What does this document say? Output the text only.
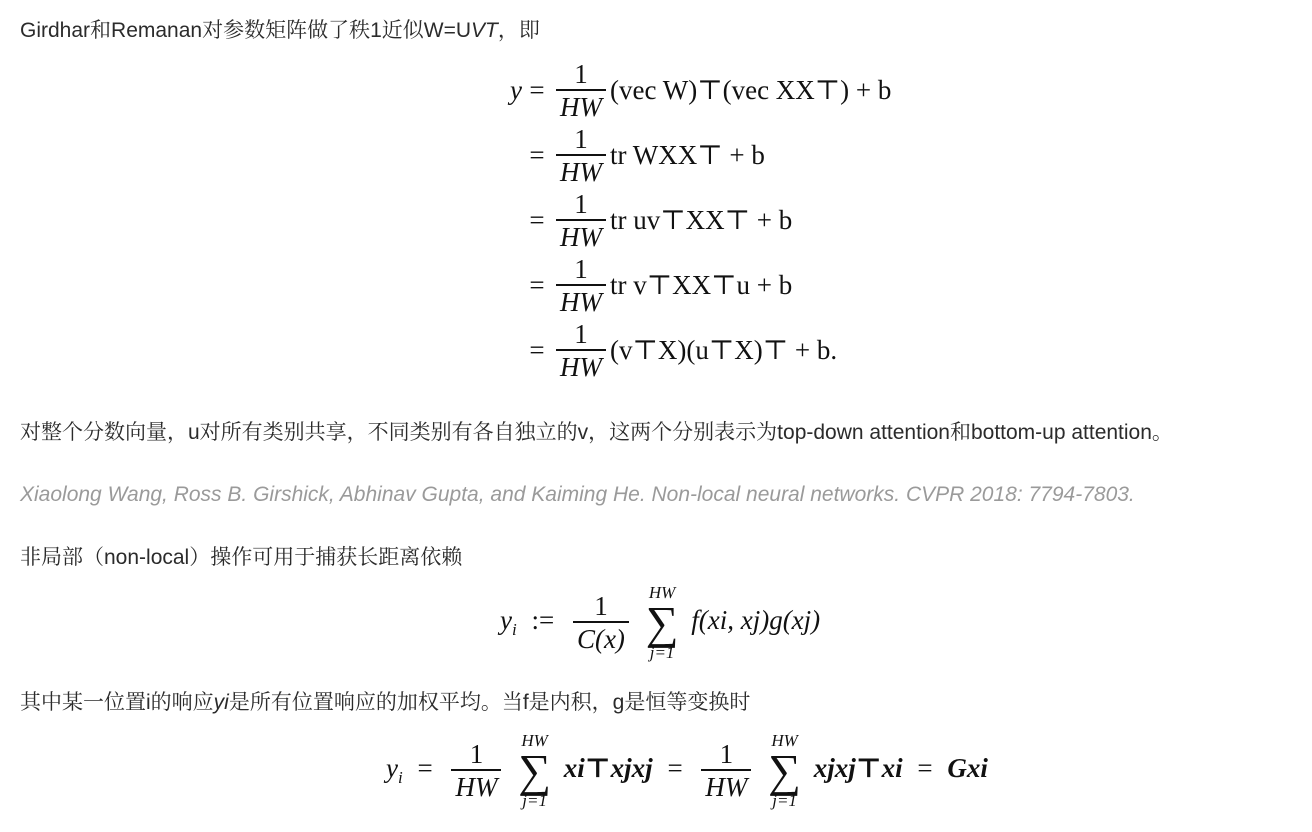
Girdhar和Remanan对参数矩阵做了秩1近似W=UVT，即
$y = \frac{1}{HW} (vec$ W)⊤(vec XX⊤) + b
= $\frac{1}{HW}$ tr WXX⊤ + b
= $\frac{1}{HW}$ tr uv⊤XX⊤ + b
= $\frac{1}{HW}$ tr v⊤XX⊤u + b
= $\frac{1}{HW}$ (v⊤X)(u⊤X)⊤ + b.
对整个分数向量，u对所有类别共享，不同类别有各自独立的v，这两个分别表示为top-down attention和bottom-up attention。
Xiaolong Wang, Ross B. Girshick, Abhinav Gupta, and Kaiming He. Non-local neural networks. CVPR 2018: 7794-7803.
非局部（non-local）操作可用于捕获长距离依赖
$y_i$ := $\frac{1}{C(x)}$
HW
∑
j=1
f(xi, xj)g(xj)
其中某一位置i的响应yi是所有位置响应的加权平均。当f是内积，g是恒等变换时
$y_i = \frac{1}{HW}$
HW
∑
j=1
xi⊤xjxj = $\frac{1}{HW}$
HW
∑
j=1
xjxj⊤xi = Gxi
